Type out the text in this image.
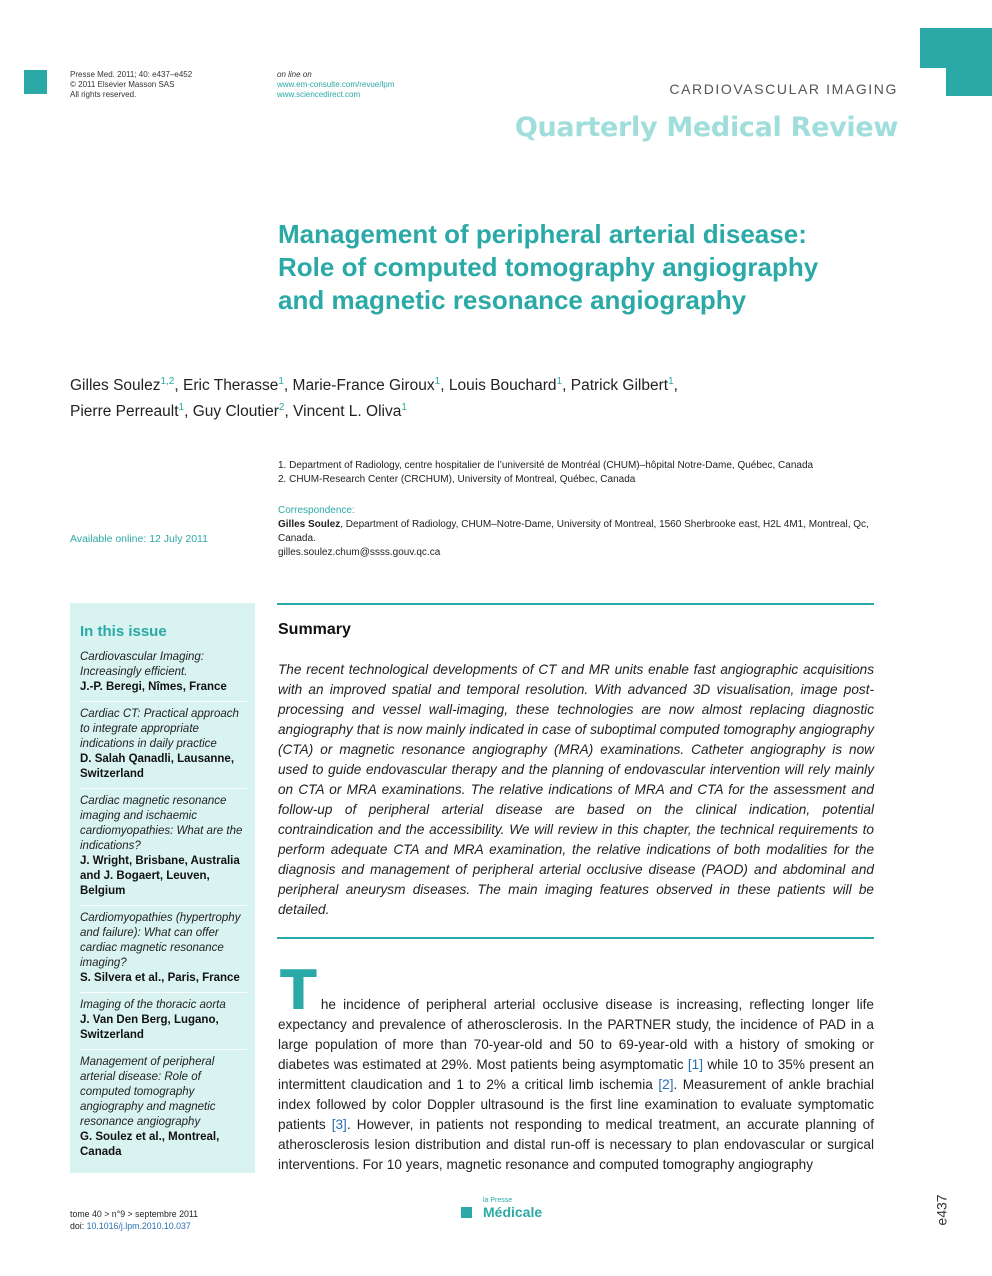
Presse Med. 2011; 40: e437–e452
© 2011 Elsevier Masson SAS
All rights reserved.
on line on
www.em-consulte.com/revue/lpm
www.sciencedirect.com	CARDIOVASCULAR IMAGING
Quarterly Medical Review
Management of peripheral arterial disease:
Role of computed tomography angiography
and magnetic resonance angiography
Gilles Soulez$^{1,2}$, Eric Therasse$^1$, Marie-France Giroux$^1$, Louis Bouchard$^1$, Patrick Gilbert$^1$,
Pierre Perreault$^1$, Guy Cloutier$^2$, Vincent L. Oliva$^1$
1. Department of Radiology, centre hospitalier de l’université de Montréal (CHUM)–hôpital Notre-Dame, Québec, Canada
2. CHUM-Research Center (CRCHUM), University of Montreal, Québec, Canada
Correspondence:
Gilles Soulez, Department of Radiology, CHUM–Notre-Dame, University of Montreal, 1560 Sherbrooke east, H2L 4M1, Montreal, Qc, Canada.
gilles.soulez.chum@ssss.gouv.qc.ca
Available online: 12 July 2011
In this issue
Cardiovascular Imaging: Increasingly efficient.
J.-P. Beregi, Nîmes, France
Cardiac CT: Practical approach to integrate appropriate indications in daily practice
D. Salah Qanadli, Lausanne, Switzerland
Cardiac magnetic resonance imaging and ischaemic cardiomyopathies: What are the indications?
J. Wright, Brisbane, Australia and J. Bogaert, Leuven, Belgium
Cardiomyopathies (hypertrophy and failure): What can offer cardiac magnetic resonance imaging?
S. Silvera et al., Paris, France
Imaging of the thoracic aorta
J. Van Den Berg, Lugano, Switzerland
Management of peripheral arterial disease: Role of computed tomography angiography and magnetic resonance angiography
G. Soulez et al., Montreal, Canada
Summary
The recent technological developments of CT and MR units enable fast angiographic acquisitions with an improved spatial and temporal resolution. With advanced 3D visualisation, image post-processing and vessel wall-imaging, these technologies are now almost replacing diagnostic angiography that is now mainly indicated in case of suboptimal computed tomography angiography (CTA) or magnetic resonance angiography (MRA) examinations. Catheter angiography is now used to guide endovascular therapy and the planning of endovascular intervention will rely mainly on CTA or MRA examinations. The relative indications of MRA and CTA for the assessment and follow-up of peripheral arterial disease are based on the clinical indication, potential contraindication and the accessibility. We will review in this chapter, the technical requirements to perform adequate CTA and MRA examination, the relative indications of both modalities for the diagnosis and management of peripheral arterial occlusive disease (PAOD) and abdominal and peripheral aneurysm diseases. The main imaging features observed in these patients will be detailed.
The incidence of peripheral arterial occlusive disease is increasing, reflecting longer life expectancy and prevalence of atherosclerosis. In the PARTNER study, the incidence of PAD in a large population of more than 70-year-old and 50 to 69-year-old with a history of smoking or diabetes was estimated at 29%. Most patients being asymptomatic [1] while 10 to 35% present an intermittent claudication and 1 to 2% a critical limb ischemia [2]. Measurement of ankle brachial index followed by color Doppler ultrasound is the first line examination to evaluate symptomatic patients [3]. However, in patients not responding to medical treatment, an accurate planning of atherosclerosis lesion distribution and distal run-off is necessary to plan endovascular or surgical interventions. For 10 years, magnetic resonance and computed tomography angiography
tome 40 > n°9 > septembre 2011
doi: 10.1016/j.lpm.2010.10.037
la Presse
Médicale	e437
